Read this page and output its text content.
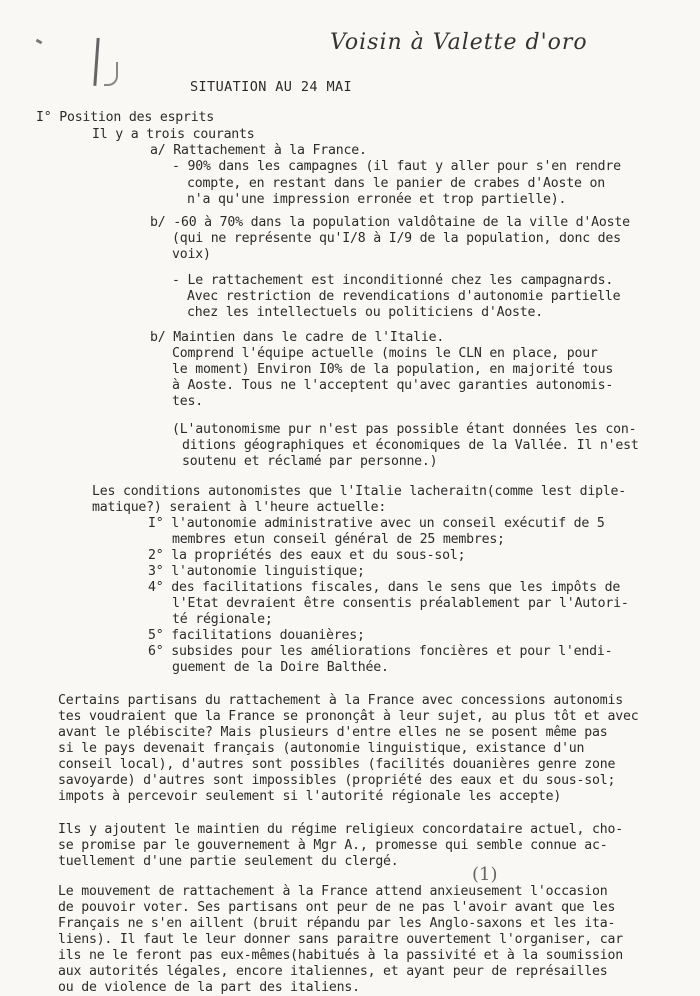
Voisin à Valette d'oro
SITUATION AU 24 MAI
I° Position des esprits
Il y a trois courants
a/ Rattachement à la France.
- 90% dans les campagnes (il faut y aller pour s'en rendre
compte, en restant dans le panier de crabes d'Aoste on
n'a qu'une impression erronée et trop partielle).
b/ -60 à 70% dans la population valdôtaine de la ville d'Aoste
(qui ne représente qu'I/8 à I/9 de la population, donc des
voix)
- Le rattachement est inconditionné chez les campagnards.
Avec restriction de revendications d'autonomie partielle
chez les intellectuels ou politiciens d'Aoste.
b/ Maintien dans le cadre de l'Italie.
Comprend l'équipe actuelle (moins le CLN en place, pour
le moment) Environ I0% de la population, en majorité tous
à Aoste. Tous ne l'acceptent qu'avec garanties autonomis-
tes.
(L'autonomisme pur n'est pas possible étant données les con-
ditions géographiques et économiques de la Vallée. Il n'est
soutenu et réclamé par personne.)
Les conditions autonomistes que l'Italie lacheraitn(comme lest diple-
matique?) seraient à l'heure actuelle:
I° l'autonomie administrative avec un conseil exécutif de 5
membres etun conseil général de 25 membres;
2° la propriétés des eaux et du sous-sol;
3° l'autonomie linguistique;
4° des facilitations fiscales, dans le sens que les impôts de
l'Etat devraient être consentis préalablement par l'Autori-
té régionale;
5° facilitations douanières;
6° subsides pour les améliorations foncières et pour l'endi-
guement de la Doire Balthée.
Certains partisans du rattachement à la France avec concessions autonomis
tes voudraient que la France se prononçât à leur sujet, au plus tôt et avec
avant le plébiscite? Mais plusieurs d'entre elles ne se posent même pas
si le pays devenait français (autonomie linguistique, existance d'un
conseil local), d'autres sont possibles (facilités douanières genre zone
savoyarde) d'autres sont impossibles (propriété des eaux et du sous-sol;
impots à percevoir seulement si l'autorité régionale les accepte)
Ils y ajoutent le maintien du régime religieux concordataire actuel, cho-
se promise par le gouvernement à Mgr A., promesse qui semble connue ac-
tuellement d'une partie seulement du clergé.
Le mouvement de rattachement à la France attend anxieusement l'occasion
de pouvoir voter. Ses partisans ont peur de ne pas l'avoir avant que les
Français ne s'en aillent (bruit répandu par les Anglo-saxons et les ita-
liens). Il faut le leur donner sans paraitre ouvertement l'organiser, car
ils ne le feront pas eux-mêmes(habitués à la passivité et à la soumission
aux autorités légales, encore italiennes, et ayant peur de représailles
ou de violence de la part des italiens.
(1)
